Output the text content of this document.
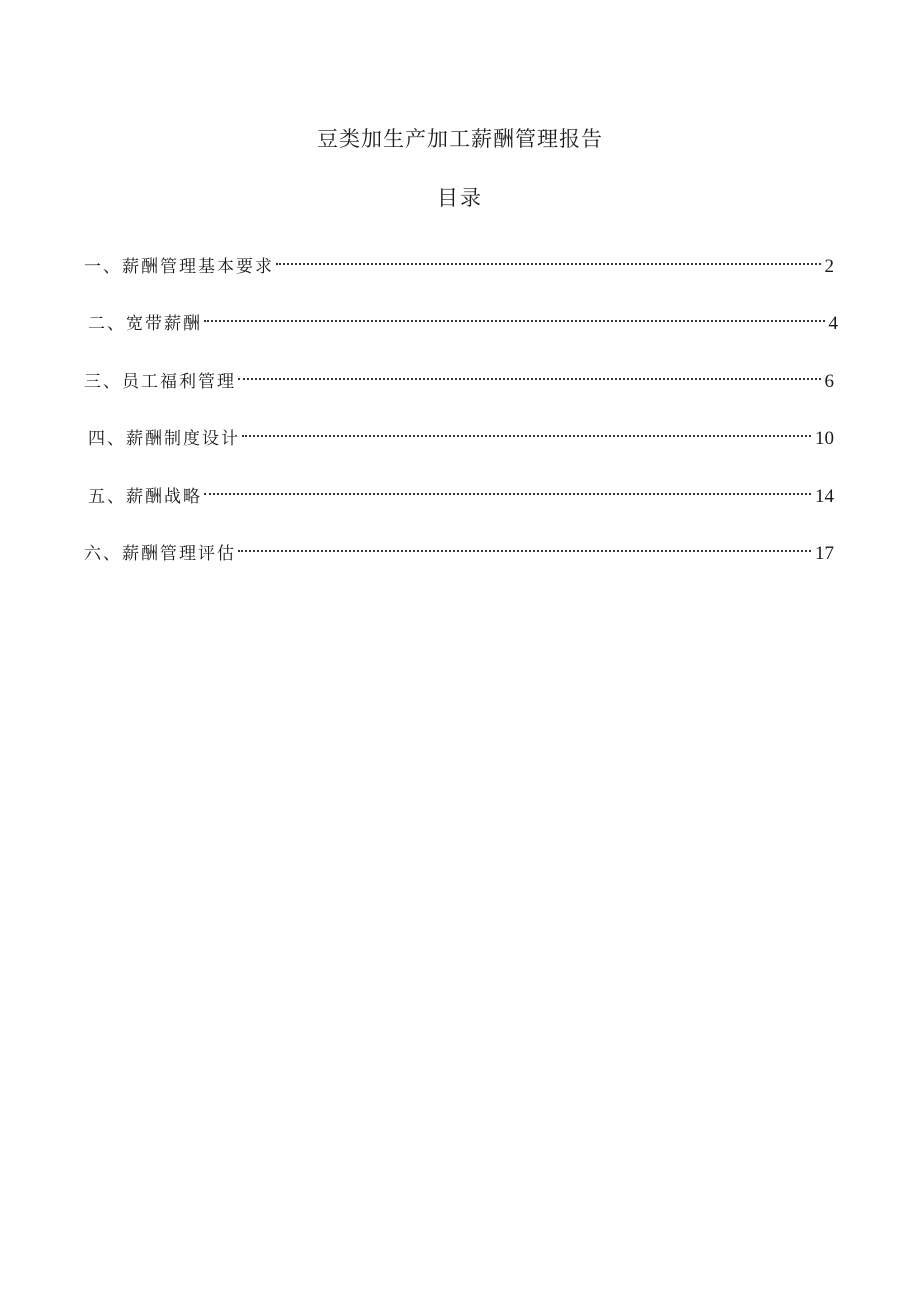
豆类加生产加工薪酬管理报告
目录
一、薪酬管理基本要求	2
二、宽带薪酬	4
三、员工福利管理	6
四、薪酬制度设计	10
五、薪酬战略	14
六、薪酬管理评估	17
